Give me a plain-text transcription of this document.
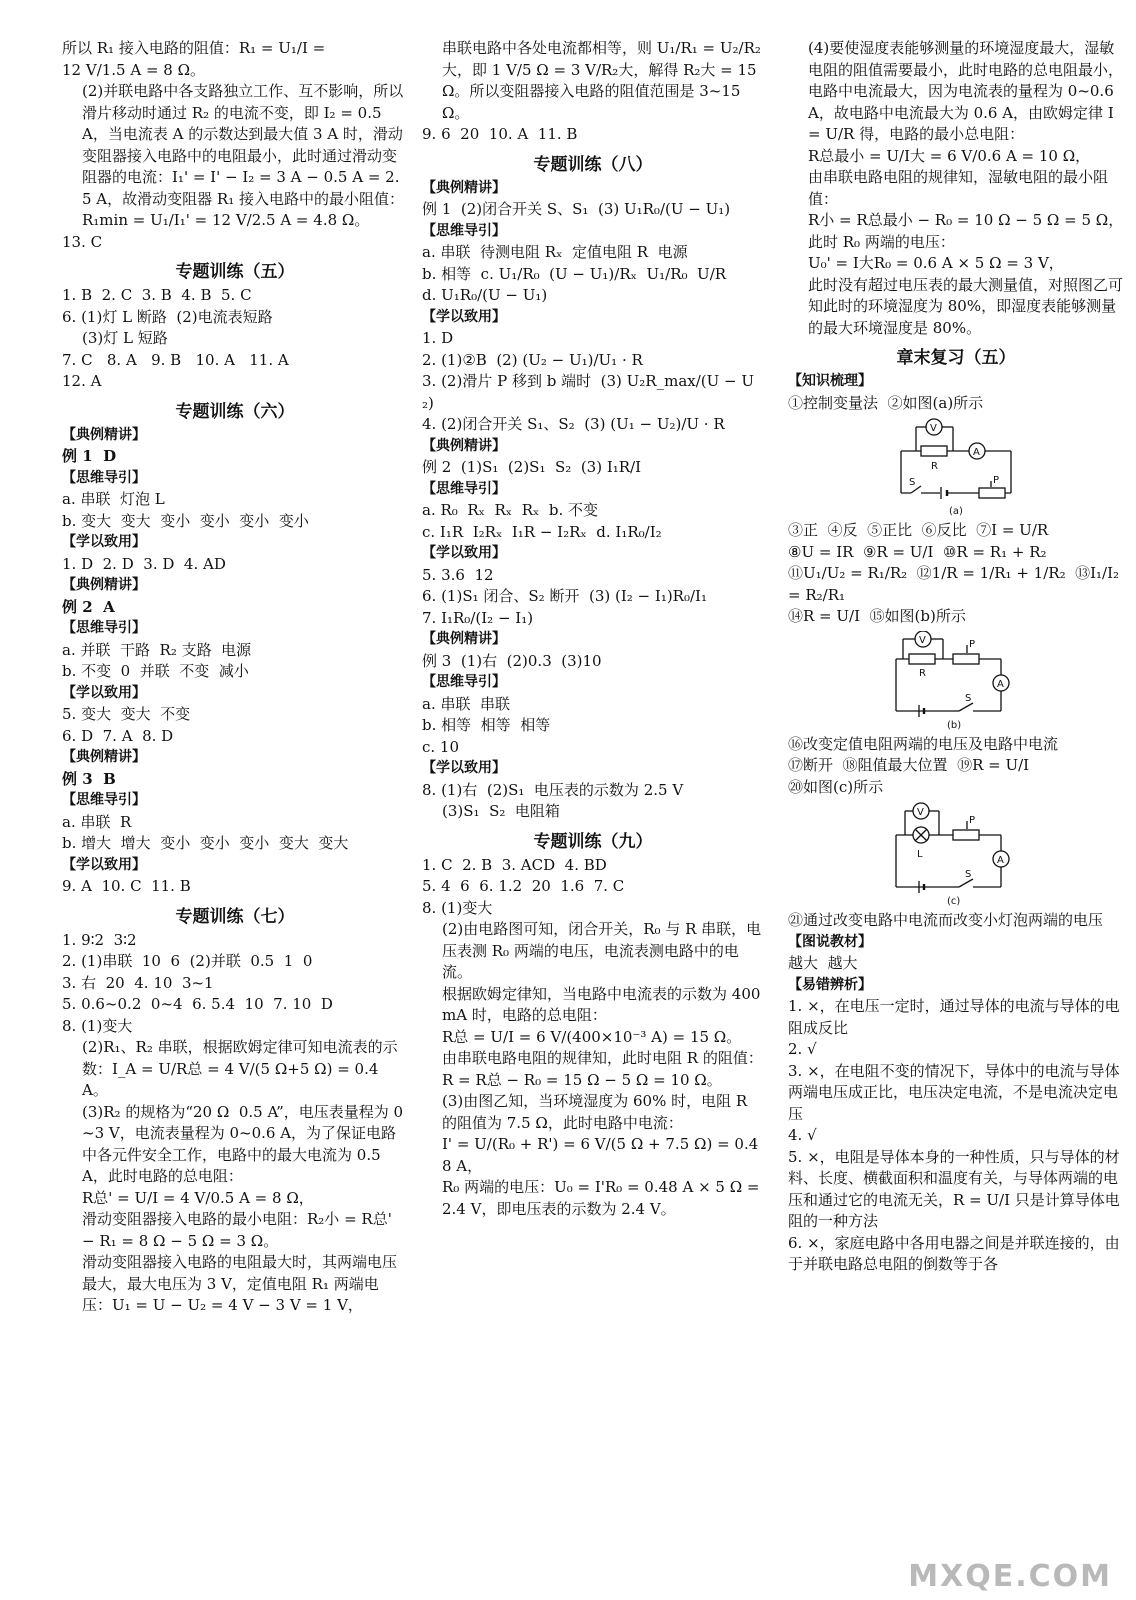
所以 R₁ 接入电路的阻值：R₁ = U₁/I =
12 V/1.5 A = 8 Ω。
(2)并联电路中各支路独立工作、互不影响，所以滑片移动时通过 R₂ 的电流不变，即 I₂ = 0.5 A，当电流表 A 的示数达到最大值 3 A 时，滑动变阻器接入电路中的电阻最小，此时通过滑动变阻器的电流：I₁' = I' − I₂ = 3 A − 0.5 A = 2.5 A，故滑动变阻器 R₁ 接入电路中的最小阻值：R₁min = U₁/I₁' = 12 V/2.5 A = 4.8 Ω。
13. C
专题训练（五）
1. B  2. C  3. B  4. B  5. C
6. (1)灯 L 断路  (2)电流表短路
(3)灯 L 短路
7. C   8. A   9. B   10. A   11. A
12. A
专题训练（六）
【典例精讲】
例 1  D
【思维导引】
a. 串联  灯泡 L
b. 变大  变大  变小  变小  变小  变小
【学以致用】
1. D  2. D  3. D  4. AD
【典例精讲】
例 2  A
【思维导引】
a. 并联  干路  R₂ 支路  电源
b. 不变  0  并联  不变  减小
【学以致用】
5. 变大  变大  不变
6. D  7. A  8. D
【典例精讲】
例 3  B
【思维导引】
a. 串联  R
b. 增大  增大  变小  变小  变小  变大  变大
【学以致用】
9. A  10. C  11. B
专题训练（七）
1. 9∶2  3∶2
2. (1)串联  10  6  (2)并联  0.5  1  0
3. 右  20  4. 10  3~1
5. 0.6~0.2  0~4  6. 5.4  10  7. 10  D
8. (1)变大
(2)R₁、R₂ 串联，根据欧姆定律可知电流表的示数：I_A = U/R总 = 4 V/(5 Ω+5 Ω) = 0.4 A。
(3)R₂ 的规格为“20 Ω  0.5 A”，电压表量程为 0~3 V，电流表量程为 0~0.6 A，为了保证电路中各元件安全工作，电路中的最大电流为 0.5 A，此时电路的总电阻：
R总' = U/I = 4 V/0.5 A = 8 Ω，
滑动变阻器接入电路的最小电阻：R₂小 = R总' − R₁ = 8 Ω − 5 Ω = 3 Ω。
滑动变阻器接入电路的电阻最大时，其两端电压最大，最大电压为 3 V，定值电阻 R₁ 两端电压：U₁ = U − U₂ = 4 V − 3 V = 1 V，
串联电路中各处电流都相等，则 U₁/R₁ = U₂/R₂大，即 1 V/5 Ω = 3 V/R₂大，解得 R₂大 = 15 Ω。所以变阻器接入电路的阻值范围是 3~15 Ω。
9. 6  20  10. A  11. B
专题训练（八）
【典例精讲】
例 1  (2)闭合开关 S、S₁  (3) U₁R₀/(U − U₁)
【思维导引】
a. 串联  待测电阻 Rₓ  定值电阻 R  电源
b. 相等  c. U₁/R₀  (U − U₁)/Rₓ  U₁/R₀  U/R
d. U₁R₀/(U − U₁)
【学以致用】
1. D
2. (1)②B  (2) (U₂ − U₁)/U₁ · R
3. (2)滑片 P 移到 b 端时  (3) U₂R_max/(U − U₂)
4. (2)闭合开关 S₁、S₂  (3) (U₁ − U₂)/U · R
【典例精讲】
例 2  (1)S₁  (2)S₁  S₂  (3) I₁R/I
【思维导引】
a. R₀  Rₓ  Rₓ  Rₓ  b. 不变
c. I₁R  I₂Rₓ  I₁R − I₂Rₓ  d. I₁R₀/I₂
【学以致用】
5. 3.6  12
6. (1)S₁ 闭合、S₂ 断开  (3) (I₂ − I₁)R₀/I₁
7. I₁R₀/(I₂ − I₁)
【典例精讲】
例 3  (1)右  (2)0.3  (3)10
【思维导引】
a. 串联  串联
b. 相等  相等  相等
c. 10
【学以致用】
8. (1)右  (2)S₁  电压表的示数为 2.5 V
(3)S₁  S₂  电阻箱
专题训练（九）
1. C  2. B  3. ACD  4. BD
5. 4  6  6. 1.2  20  1.6  7. C
8. (1)变大
(2)由电路图可知，闭合开关，R₀ 与 R 串联，电压表测 R₀ 两端的电压，电流表测电路中的电流。
根据欧姆定律知，当电路中电流表的示数为 400 mA 时，电路的总电阻：
R总 = U/I = 6 V/(400×10⁻³ A) = 15 Ω。
由串联电路电阻的规律知，此时电阻 R 的阻值：R = R总 − R₀ = 15 Ω − 5 Ω = 10 Ω。
(3)由图乙知，当环境湿度为 60% 时，电阻 R 的阻值为 7.5 Ω，此时电路中电流：
I' = U/(R₀ + R') = 6 V/(5 Ω + 7.5 Ω) = 0.48 A，
R₀ 两端的电压：U₀ = I'R₀ = 0.48 A × 5 Ω = 2.4 V，即电压表的示数为 2.4 V。
(4)要使湿度表能够测量的环境湿度最大，湿敏电阻的阻值需要最小，此时电路的总电阻最小，电路中电流最大，因为电流表的量程为 0~0.6 A，故电路中电流最大为 0.6 A，由欧姆定律 I = U/R 得，电路的最小总电阻：
R总最小 = U/I大 = 6 V/0.6 A = 10 Ω，
由串联电路电阻的规律知，湿敏电阻的最小阻值：
R小 = R总最小 − R₀ = 10 Ω − 5 Ω = 5 Ω，
此时 R₀ 两端的电压：
U₀' = I大R₀ = 0.6 A × 5 Ω = 3 V，
此时没有超过电压表的最大测量值，对照图乙可知此时的环境湿度为 80%，即湿度表能够测量的最大环境湿度是 80%。
章末复习（五）
【知识梳理】
①控制变量法  ②如图(a)所示
V
A
R
S	P
(a)
③正  ④反  ⑤正比  ⑥反比  ⑦I = U/R
⑧U = IR  ⑨R = U/I  ⑩R = R₁ + R₂
⑪U₁/U₂ = R₁/R₂  ⑫1/R = 1/R₁ + 1/R₂  ⑬I₁/I₂ = R₂/R₁
⑭R = U/I  ⑮如图(b)所示
V
A
R
S
P
(b)
⑯改变定值电阻两端的电压及电路中电流
⑰断开  ⑱阻值最大位置  ⑲R = U/I
⑳如图(c)所示
V
A
L
S
P
(c)
㉑通过改变电路中电流而改变小灯泡两端的电压
【图说教材】
越大  越大
【易错辨析】
1. ×，在电压一定时，通过导体的电流与导体的电阻成反比
2. √
3. ×，在电阻不变的情况下，导体中的电流与导体两端电压成正比，电压决定电流，不是电流决定电压
4. √
5. ×，电阻是导体本身的一种性质，只与导体的材料、长度、横截面积和温度有关，与导体两端的电压和通过它的电流无关，R = U/I 只是计算导体电阻的一种方法
6. ×，家庭电路中各用电器之间是并联连接的，由于并联电路总电阻的倒数等于各
MXQE.COM
